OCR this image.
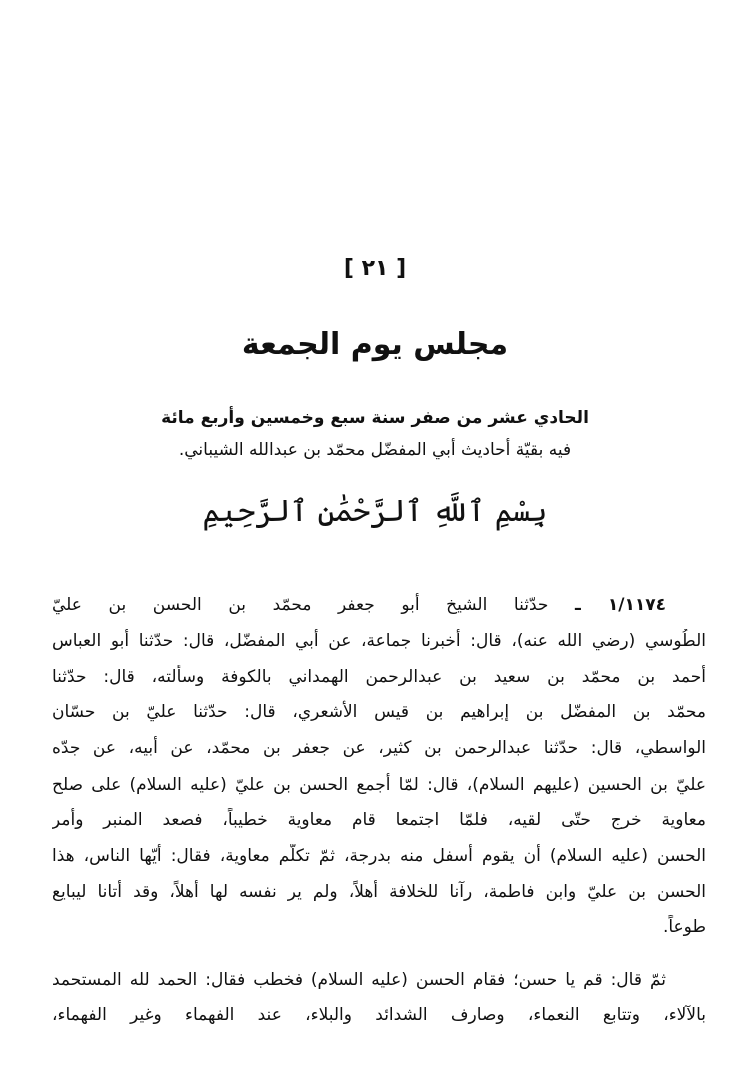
[ ٢١ ]
مجلس يوم الجمعة
الحادي عشر من صفر سنة سبع وخمسين وأربع مائة
فيه بقيّة أحاديث أبي المفضّل محمّد بن عبدالله الشيباني.
بِسْمِ ٱللَّهِ ٱلرَّحْمَٰنِ ٱلرَّحِيمِ
١/١١٧٤ ـ حدّثنا الشيخ أبو جعفر محمّد بن الحسن بن عليّ
الطُوسي (رضي الله عنه)، قال: أخبرنا جماعة، عن أبي المفضّل، قال: حدّثنا أبو العباس
أحمد بن محمّد بن سعيد بن عبدالرحمن الهمداني بالكوفة وسألته، قال: حدّثنا
محمّد بن المفضّل بن إبراهيم بن قيس الأشعري، قال: حدّثنا عليّ بن حسّان
الواسطي، قال: حدّثنا عبدالرحمن بن كثير، عن جعفر بن محمّد، عن أبيه، عن جدّه
عليّ بن الحسين (عليهم السلام)، قال: لمّا أجمع الحسن بن عليّ (عليه السلام) على صلح
معاوية خرج حتّى لقيه، فلمّا اجتمعا قام معاوية خطيباً، فصعد المنبر وأمر
الحسن (عليه السلام) أن يقوم أسفل منه بدرجة، ثمّ تكلّم معاوية، فقال: أيّها الناس، هذا
الحسن بن عليّ وابن فاطمة، رآنا للخلافة أهلاً، ولم ير نفسه لها أهلاً، وقد أتانا ليبايع
طوعاً.
ثمّ قال: قم يا حسن؛ فقام الحسن (عليه السلام) فخطب فقال: الحمد لله المستحمد
بالآلاء، وتتابع النعماء، وصارف الشدائد والبلاء، عند الفهماء وغير الفهماء،
